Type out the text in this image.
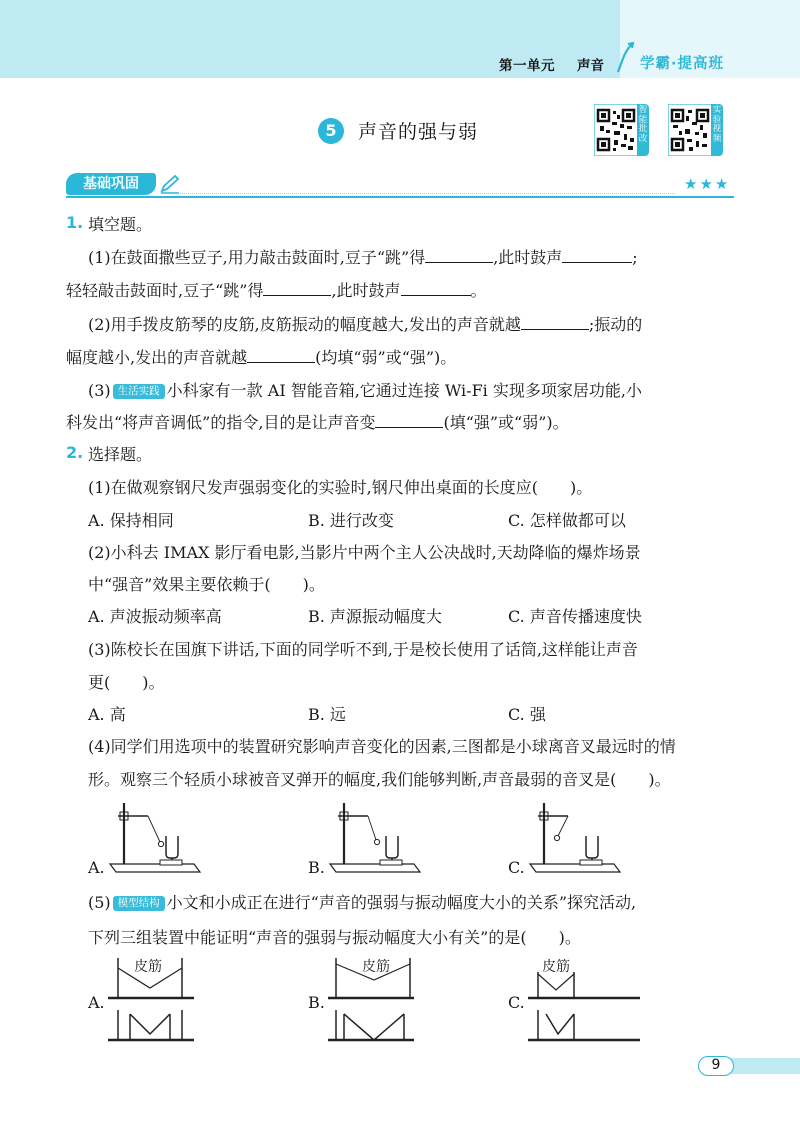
第一单元 声音 学霸·提高班
5	声音的强与弱
智能批改
实验视频
基础巩固	★★★
1. 填空题。
(1)在鼓面撒些豆子,用力敲击鼓面时,豆子“跳”得	,此时鼓声	;
轻轻敲击鼓面时,豆子“跳”得	,此时鼓声	。
(2)用手拨皮筋琴的皮筋,皮筋振动的幅度越大,发出的声音就越	;振动的
幅度越小,发出的声音就越	(均填“弱”或“强”)。
(3) 生活实践 小科家有一款 AI 智能音箱,它通过连接 Wi-Fi 实现多项家居功能,小
科发出“将声音调低”的指令,目的是让声音变	(填“强”或“弱”)。
2. 选择题。
(1)在做观察钢尺发声强弱变化的实验时,钢尺伸出桌面的长度应(　　)。
A. 保持相同	B. 进行改变	C. 怎样做都可以
(2)小科去 IMAX 影厅看电影,当影片中两个主人公决战时,天劫降临的爆炸场景
中“强音”效果主要依赖于(　　)。
A. 声波振动频率高	B. 声源振动幅度大	C. 声音传播速度快
(3)陈校长在国旗下讲话,下面的同学听不到,于是校长使用了话筒,这样能让声音
更(　　)。
A. 高	B. 远	C. 强
(4)同学们用选项中的装置研究影响声音变化的因素,三图都是小球离音叉最远时的情
形。观察三个轻质小球被音叉弹开的幅度,我们能够判断,声音最弱的音叉是(　　)。
A.	B.	C.
(5) 模型结构 小文和小成正在进行“声音的强弱与振动幅度大小的关系”探究活动,
下列三组装置中能证明“声音的强弱与振动幅度大小有关”的是(　　)。
A.
皮筋
B.
皮筋
C.
皮筋
9
